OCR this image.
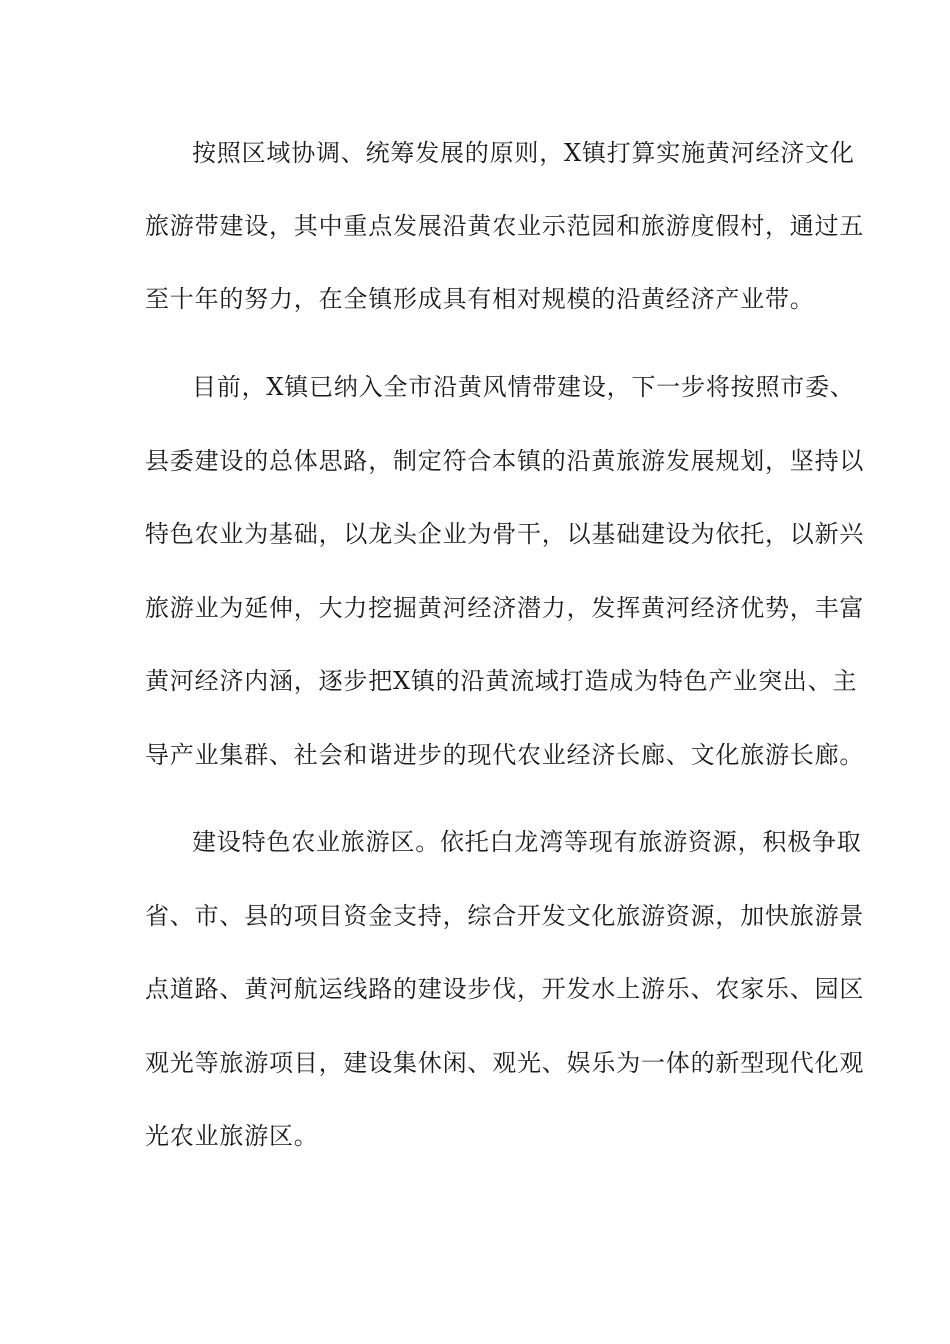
按照区域协调、统筹发展的原则，X镇打算实施黄河经济文化
旅游带建设，其中重点发展沿黄农业示范园和旅游度假村，通过五
至十年的努力，在全镇形成具有相对规模的沿黄经济产业带。
目前，X镇已纳入全市沿黄风情带建设，下一步将按照市委、
县委建设的总体思路，制定符合本镇的沿黄旅游发展规划，坚持以
特色农业为基础，以龙头企业为骨干，以基础建设为依托，以新兴
旅游业为延伸，大力挖掘黄河经济潜力，发挥黄河经济优势，丰富
黄河经济内涵，逐步把X镇的沿黄流域打造成为特色产业突出、主
导产业集群、社会和谐进步的现代农业经济长廊、文化旅游长廊。
建设特色农业旅游区。依托白龙湾等现有旅游资源，积极争取
省、市、县的项目资金支持，综合开发文化旅游资源，加快旅游景
点道路、黄河航运线路的建设步伐，开发水上游乐、农家乐、园区
观光等旅游项目，建设集休闲、观光、娱乐为一体的新型现代化观
光农业旅游区。
